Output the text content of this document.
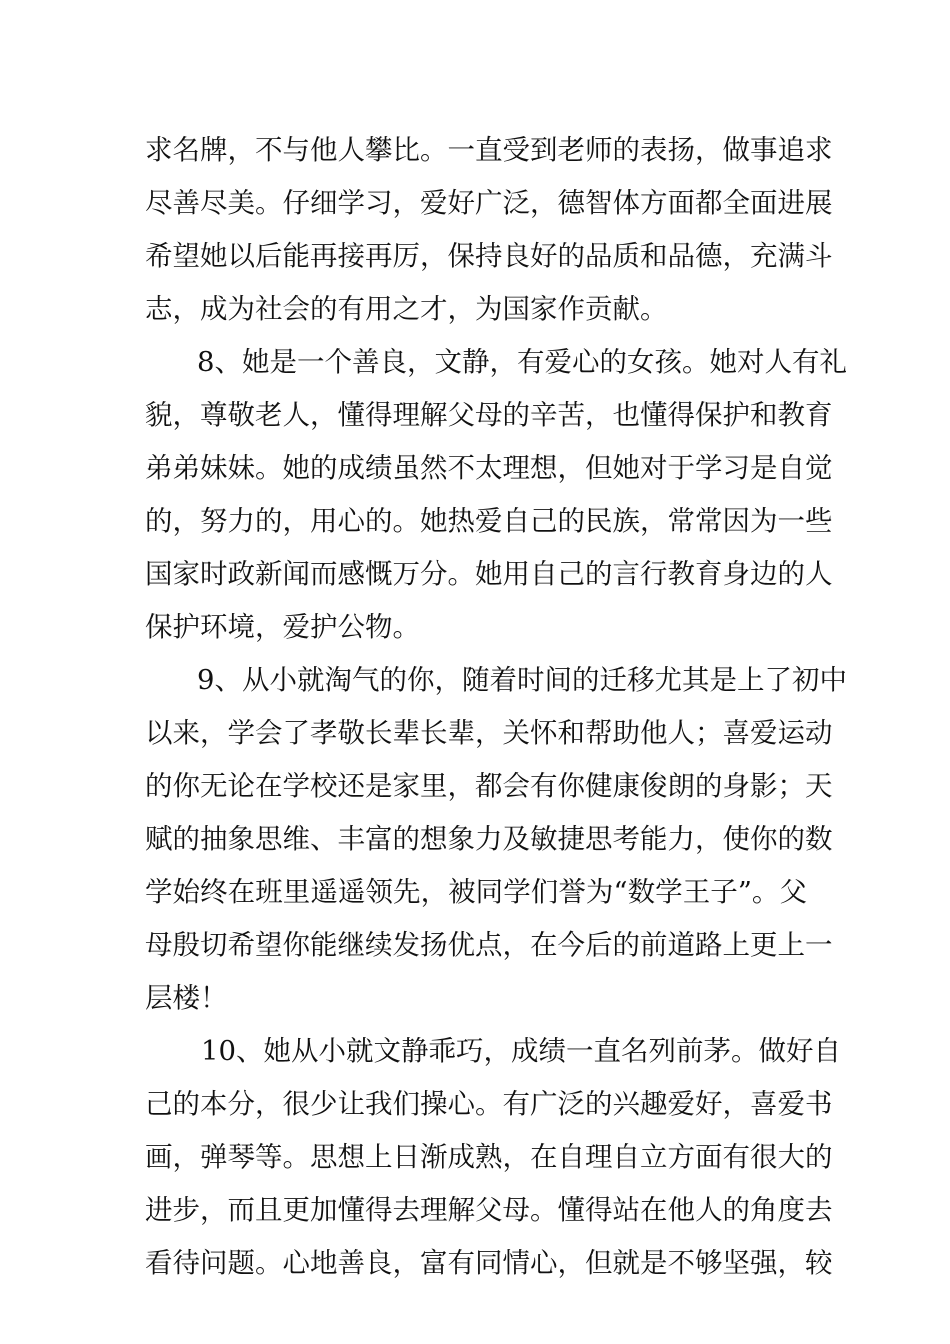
求名牌，不与他人攀比。一直受到老师的表扬，做事追求
尽善尽美。仔细学习，爱好广泛，德智体方面都全面进展
希望她以后能再接再厉，保持良好的品质和品德，充满斗
志，成为社会的有用之才，为国家作贡献。
8、她是一个善良，文静，有爱心的女孩。她对人有礼
貌，尊敬老人，懂得理解父母的辛苦，也懂得保护和教育
弟弟妹妹。她的成绩虽然不太理想，但她对于学习是自觉
的，努力的，用心的。她热爱自己的民族，常常因为一些
国家时政新闻而感慨万分。她用自己的言行教育身边的人
保护环境，爱护公物。
9、从小就淘气的你，随着时间的迁移尤其是上了初中
以来，学会了孝敬长辈长辈，关怀和帮助他人；喜爱运动
的你无论在学校还是家里，都会有你健康俊朗的身影；天
赋的抽象思维、丰富的想象力及敏捷思考能力，使你的数
学始终在班里遥遥领先，被同学们誉为“数学王子”。父
母殷切希望你能继续发扬优点，在今后的前道路上更上一
层楼！
10、她从小就文静乖巧，成绩一直名列前茅。做好自
己的本分，很少让我们操心。有广泛的兴趣爱好，喜爱书
画，弹琴等。思想上日渐成熟，在自理自立方面有很大的
进步，而且更加懂得去理解父母。懂得站在他人的角度去
看待问题。心地善良，富有同情心，但就是不够坚强，较
